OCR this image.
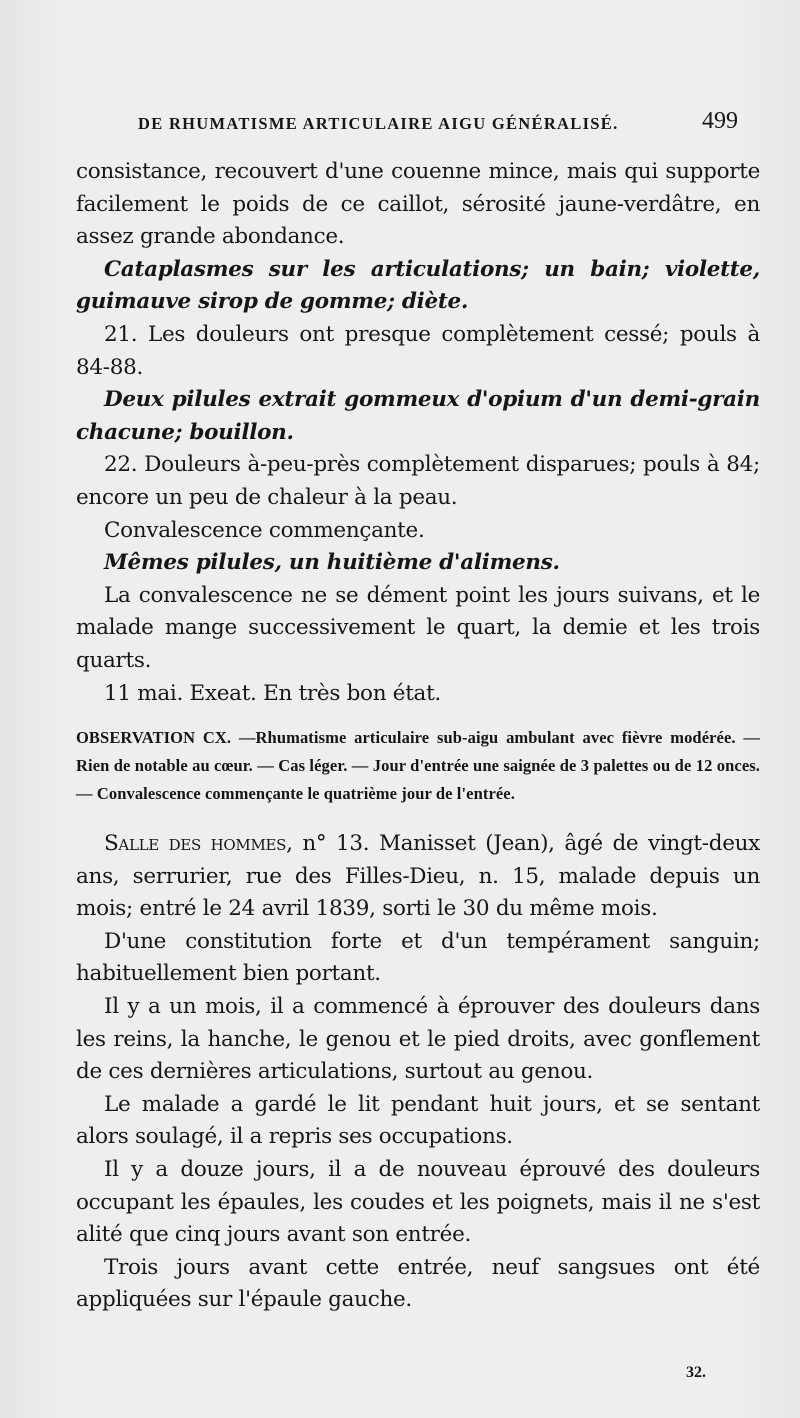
DE RHUMATISME ARTICULAIRE AIGU GÉNÉRALISÉ.	499

consistance, recouvert d'une couenne mince, mais qui supporte facilement le poids de ce caillot, sérosité jaune-verdâtre, en assez grande abondance.

Cataplasmes sur les articulations; un bain; violette, guimauve sirop de gomme; diète.

21. Les douleurs ont presque complètement cessé; pouls à 84-88.

Deux pilules extrait gommeux d'opium d'un demi-grain chacune; bouillon.

22. Douleurs à-peu-près complètement disparues; pouls à 84; encore un peu de chaleur à la peau.

Convalescence commençante.

Mêmes pilules, un huitième d'alimens.

La convalescence ne se dément point les jours suivans, et le malade mange successivement le quart, la demie et les trois quarts.

11 mai. Exeat. En très bon état.

OBSERVATION CX. —Rhumatisme articulaire sub-aigu ambulant avec fièvre modérée. — Rien de notable au cœur. — Cas léger. — Jour d'entrée une saignée de 3 palettes ou de 12 onces. — Convalescence commençante le quatrième jour de l'entrée.

Salle des hommes, n° 13. Manisset (Jean), âgé de vingt-deux ans, serrurier, rue des Filles-Dieu, n. 15, malade depuis un mois; entré le 24 avril 1839, sorti le 30 du même mois.

D'une constitution forte et d'un tempérament sanguin; habituellement bien portant.

Il y a un mois, il a commencé à éprouver des douleurs dans les reins, la hanche, le genou et le pied droits, avec gonflement de ces dernières articulations, surtout au genou.

Le malade a gardé le lit pendant huit jours, et se sentant alors soulagé, il a repris ses occupations.

Il y a douze jours, il a de nouveau éprouvé des douleurs occupant les épaules, les coudes et les poignets, mais il ne s'est alité que cinq jours avant son entrée.

Trois jours avant cette entrée, neuf sangsues ont été appliquées sur l'épaule gauche.

32.
